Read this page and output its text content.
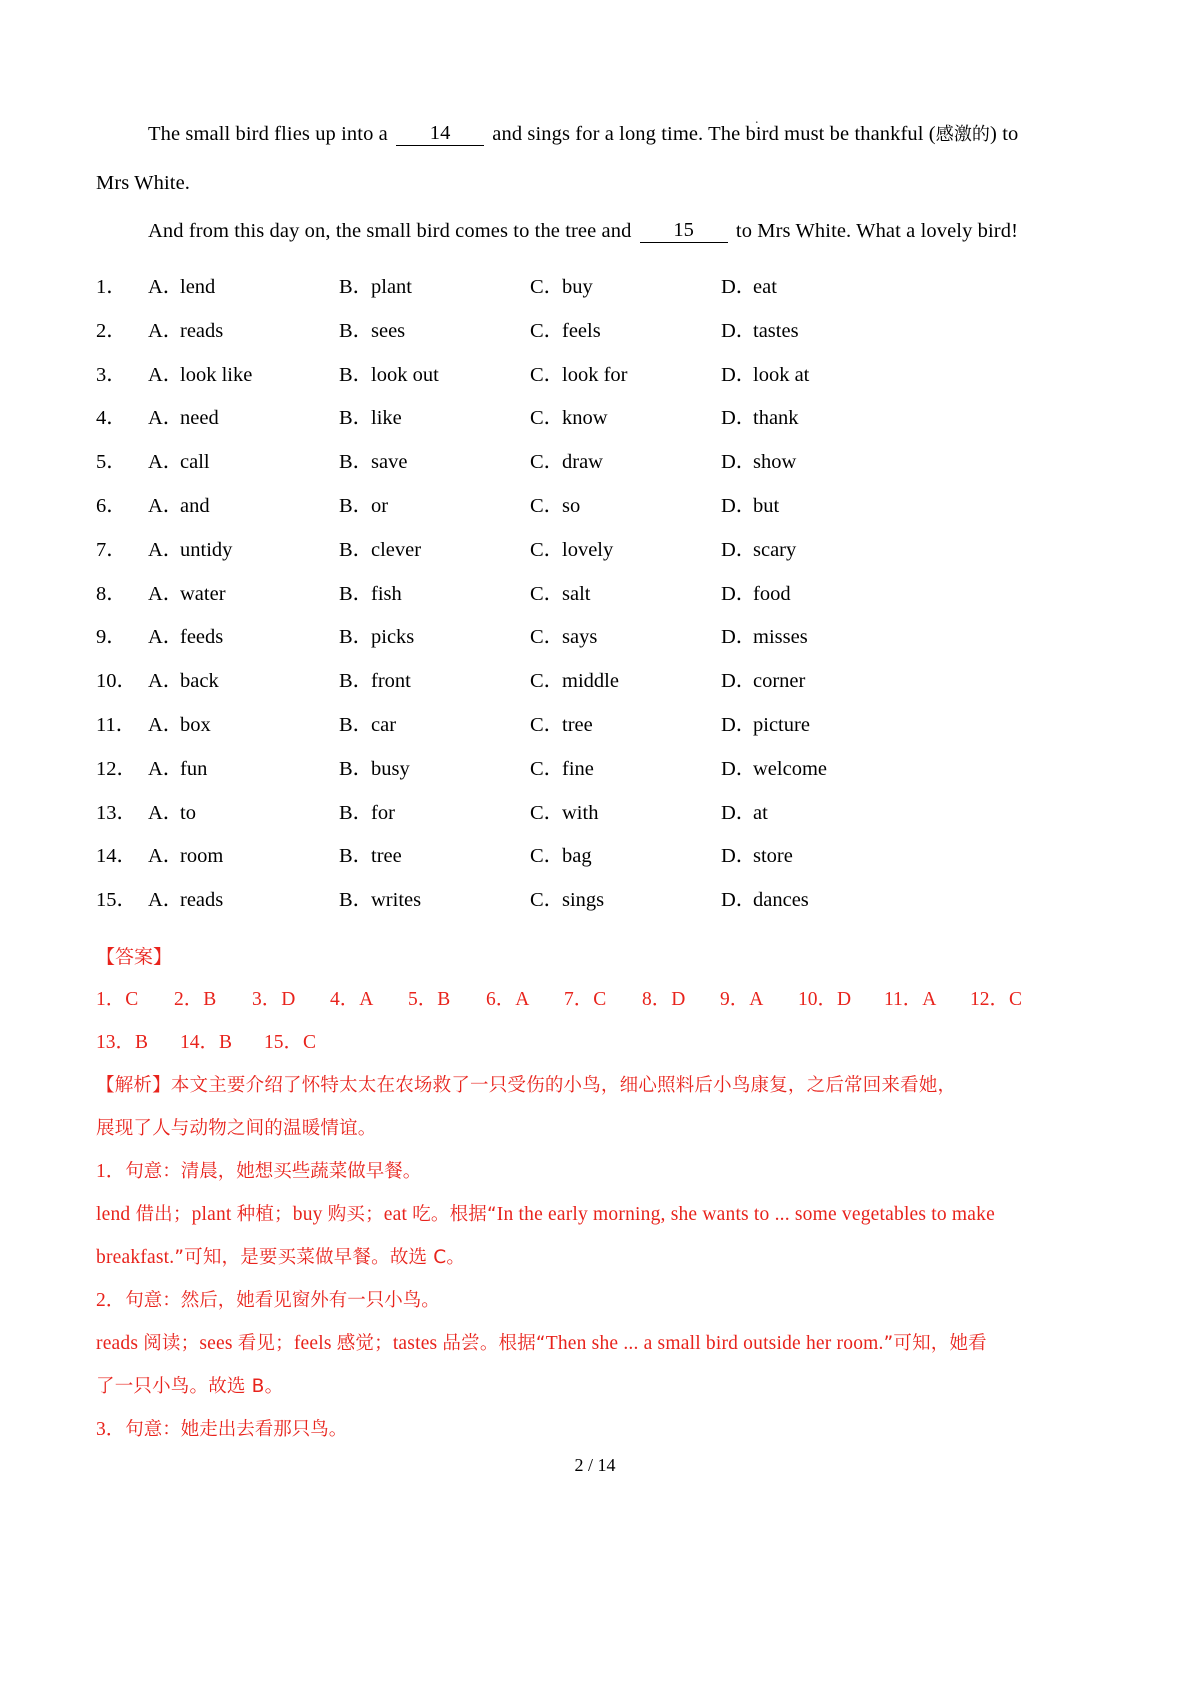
.

The small bird flies up into a 14 and sings for a long time. The bird must be thankful (感激的) to Mrs White.

And from this day on, the small bird comes to the tree and 15 to Mrs White. What a lovely bird!

1．	A．lend	B．plant	C．buy	D．eat
2．	A．reads	B．sees	C．feels	D．tastes
3．	A．look like	B．look out	C．look for	D．look at
4．	A．need	B．like	C．know	D．thank
5．	A．call	B．save	C．draw	D．show
6．	A．and	B．or	C．so	D．but
7．	A．untidy	B．clever	C．lovely	D．scary
8．	A．water	B．fish	C．salt	D．food
9．	A．feeds	B．picks	C．says	D．misses
10． A．back	B．front	C．middle	D．corner
11． A．box	B．car	C．tree	D．picture
12． A．fun	B．busy	C．fine	D．welcome
13． A．to	B．for	C．with	D．at
14． A．room	B．tree	C．bag	D．store
15． A．reads	B．writes	C．sings	D．dances
【答案】
1．C 2．B 3．D 4．A 5．B 6．A 7．C 8．D 9．A 10．D 11．A 12．C
13．B 14．B 15．C
【解析】本文主要介绍了怀特太太在农场救了一只受伤的小鸟，细心照料后小鸟康复，之后常回来看她，
展现了人与动物之间的温暖情谊。
1．句意：清晨，她想买些蔬菜做早餐。
lend 借出；plant 种植；buy 购买；eat 吃。根据“In the early morning, she wants to ... some vegetables to make
breakfast.”可知，是要买菜做早餐。故选 C。
2．句意：然后，她看见窗外有一只小鸟。
reads 阅读；sees 看见；feels 感觉；tastes 品尝。根据“Then she ... a small bird outside her room.”可知，她看
了一只小鸟。故选 B。
3．句意：她走出去看那只鸟。
2 / 14
